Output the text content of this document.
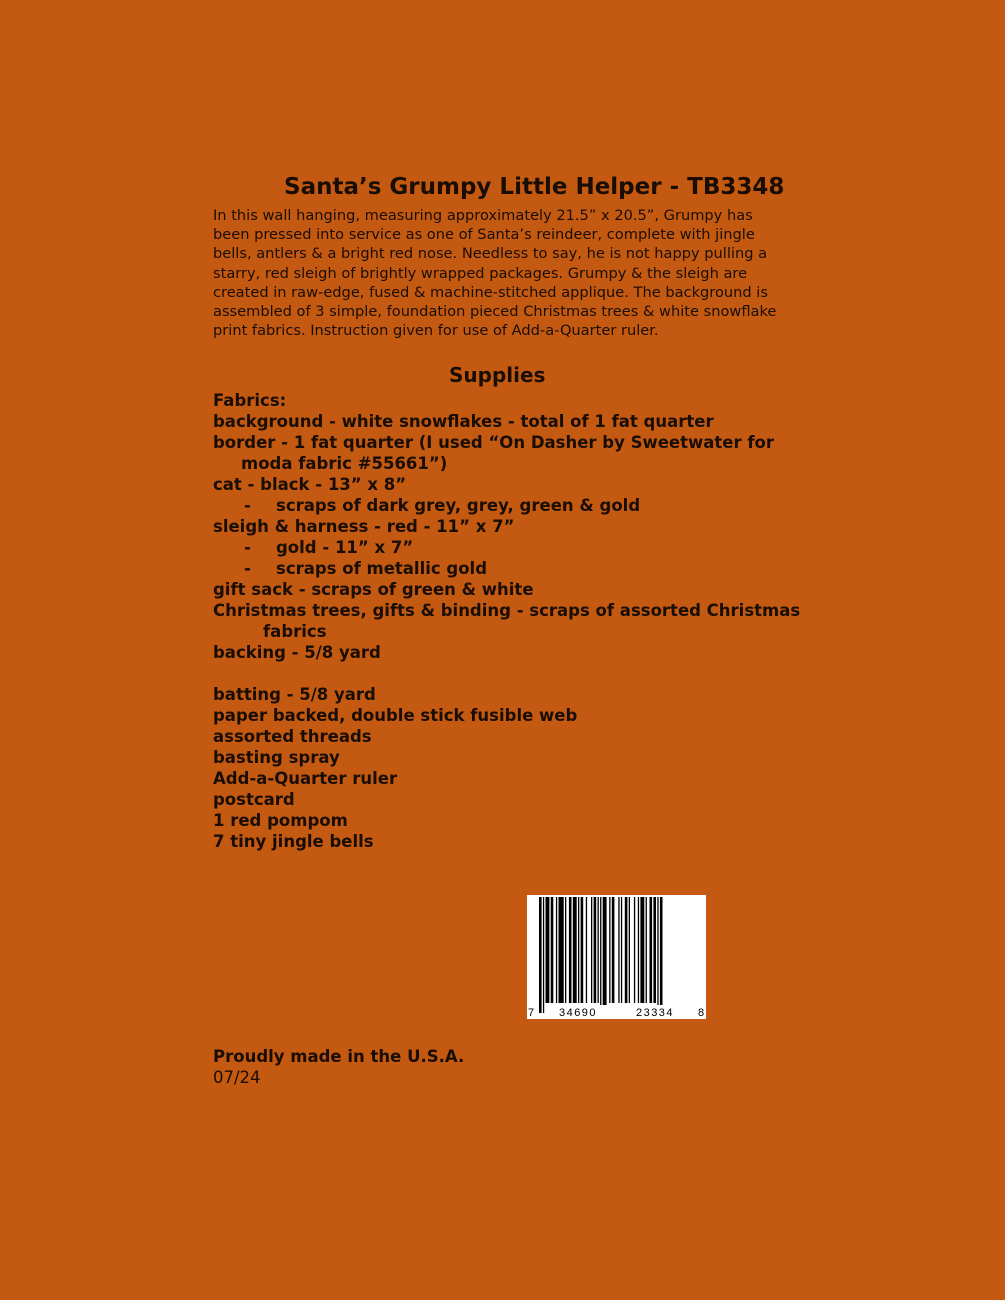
Santa’s Grumpy Little Helper - TB3348
In this wall hanging, measuring approximately 21.5” x 20.5”, Grumpy has
been pressed into service as one of Santa’s reindeer, complete with jingle
bells, antlers & a bright red nose. Needless to say, he is not happy pulling a
starry, red sleigh of brightly wrapped packages. Grumpy & the sleigh are
created in raw-edge, fused & machine-stitched applique. The background is
assembled of 3 simple, foundation pieced Christmas trees & white snowflake
print fabrics. Instruction given for use of Add-a-Quarter ruler.
Supplies
Fabrics:
background - white snowflakes - total of 1 fat quarter
border - 1 fat quarter (I used “On Dasher by Sweetwater for
moda fabric #55661”)
cat - black - 13” x 8”
- scraps of dark grey, grey, green & gold
sleigh & harness - red - 11” x 7”
- gold - 11” x 7”
- scraps of metallic gold
gift sack - scraps of green & white
Christmas trees, gifts & binding - scraps of assorted Christmas
fabrics
backing - 5/8 yard
batting - 5/8 yard
paper backed, double stick fusible web
assorted threads
basting spray
Add-a-Quarter ruler
postcard
1 red pompom
7 tiny jingle bells
7 34690	23334 8
Proudly made in the U.S.A.
07/24
